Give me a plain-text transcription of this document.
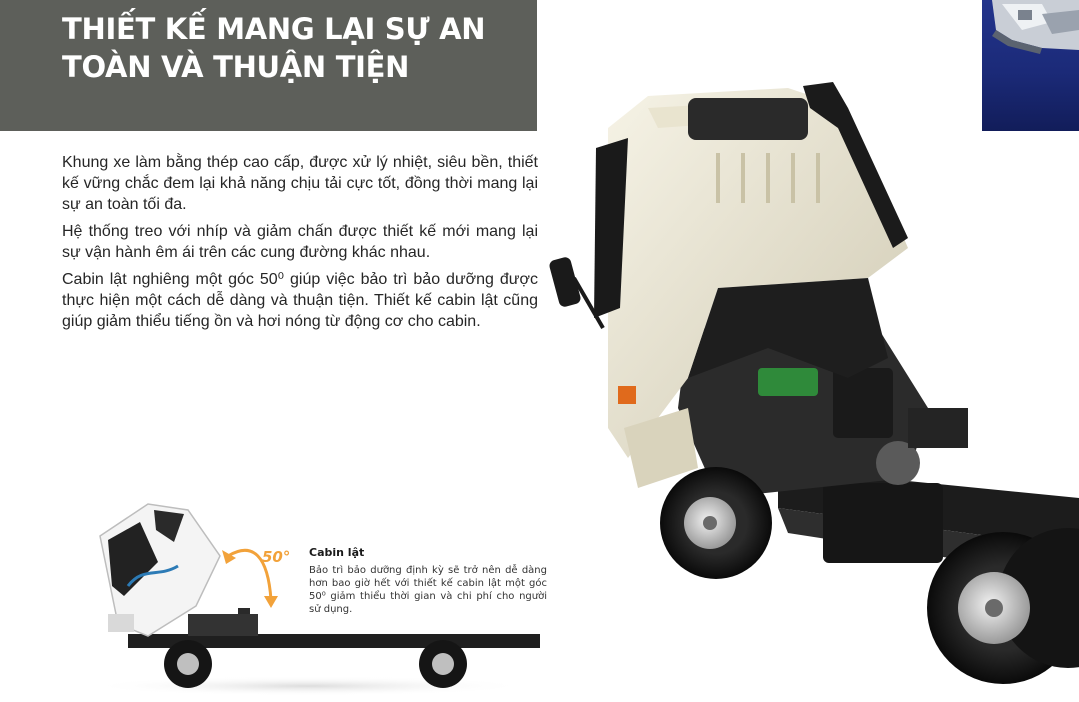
THIẾT KẾ MANG LẠI SỰ AN
TOÀN VÀ THUẬN TIỆN

Khung xe làm bằng thép cao cấp, được xử lý nhiệt, siêu bền, thiết kế vững chắc đem lại khả năng chịu tải cực tốt, đồng thời mang lại sự an toàn tối đa.

Hệ thống treo với nhíp và giảm chấn được thiết kế mới mang lại sự vận hành êm ái trên các cung đường khác nhau.

Cabin lật nghiêng một góc 50⁰ giúp việc bảo trì bảo dưỡng được thực hiện một cách dễ dàng và thuận tiện. Thiết kế cabin lật cũng giúp giảm thiểu tiếng ồn và hơi nóng từ động cơ cho cabin.

50° Cabin lật
Bảo trì bảo dưỡng định kỳ sẽ trở nên dễ dàng hơn bao giờ hết với thiết kế cabin lật một góc 50⁰ giảm thiểu thời gian và chi phí cho người sử dụng.
